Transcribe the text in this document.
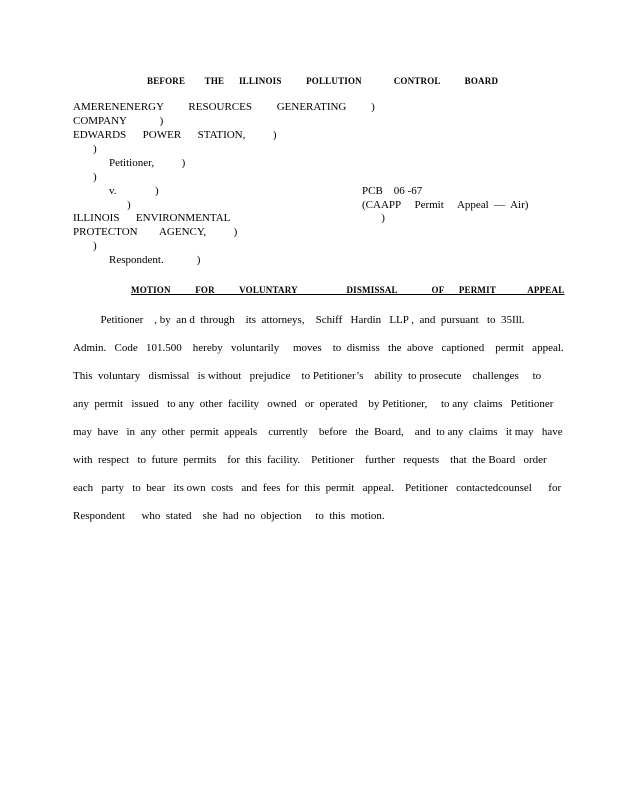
BEFORE        THE      ILLINOIS          POLLUTION             CONTROL          BOARD
AMERENENERGY         RESOURCES         GENERATING         )
COMPANY            )
EDWARDS      POWER      STATION,          )
)
Petitioner,          )
)
v.              )
)
PCB    06 -67
(CAAPP     Permit     Appeal  —  Air)
ILLINOIS      ENVIRONMENTAL                                                       )
PROTECTON        AGENCY,          )
)
Respondent.            )
MOTION          FOR          VOLUNTARY                    DISMISSAL              OF      PERMIT             APPEAL
Petitioner    , by  an d  through    its  attorneys,    Schiff   Hardin   LLP ,  and  pursuant   to  35Ill.
Admin.   Code   101.500    hereby   voluntarily     moves    to  dismiss   the  above   captioned    permit   appeal.
This  voluntary   dismissal   is without   prejudice    to Petitioner’s    ability  to prosecute    challenges     to
any  permit   issued   to any  other  facility   owned   or  operated    by Petitioner,     to any  claims   Petitioner
may  have   in  any  other  permit  appeals    currently    before   the  Board,    and  to any  claims   it may   have
with  respect   to  future  permits    for  this  facility.    Petitioner    further   requests    that  the Board   order
each   party   to  bear   its own  costs   and  fees  for  this  permit   appeal.    Petitioner   contactedcounsel      for
Respondent      who  stated    she  had  no  objection     to  this  motion.
